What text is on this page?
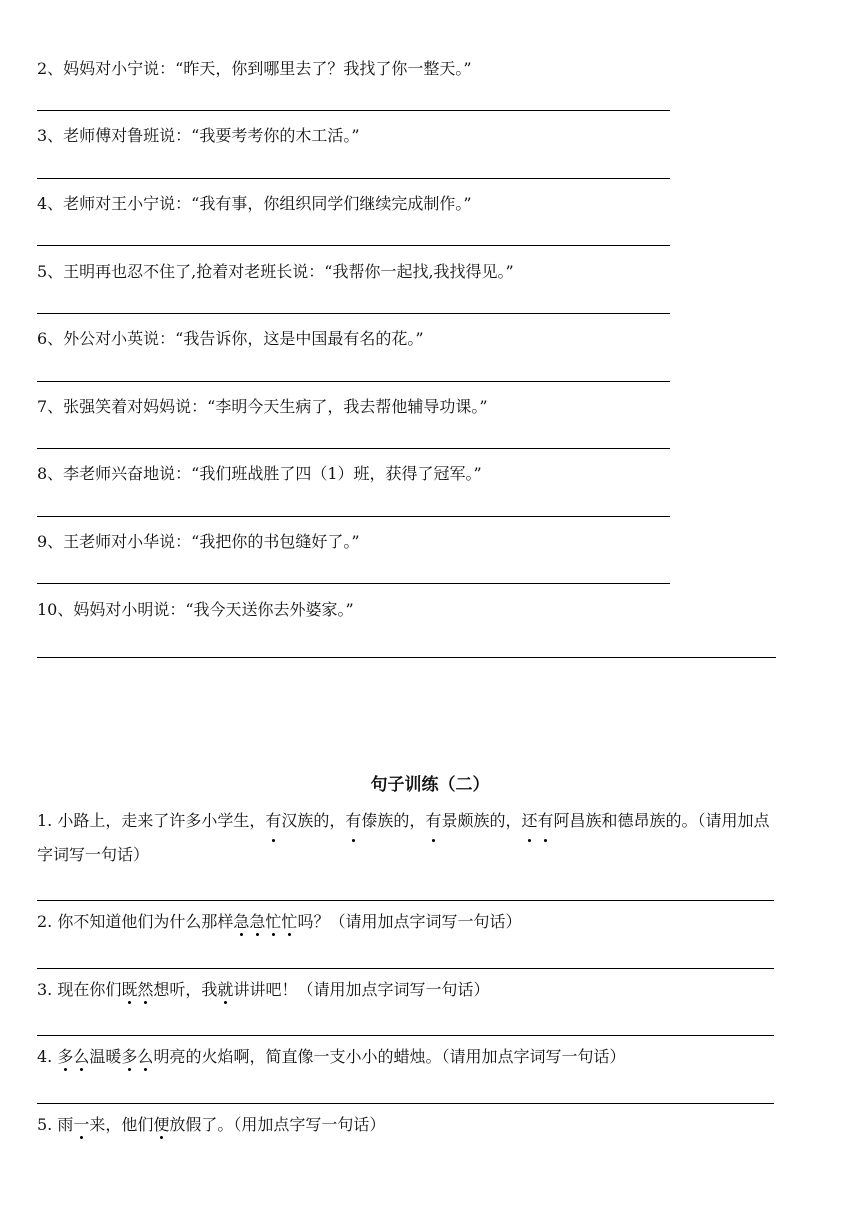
2、妈妈对小宁说：“昨天，你到哪里去了？我找了你一整天。”
3、老师傅对鲁班说：“我要考考你的木工活。”
4、老师对王小宁说：“我有事，你组织同学们继续完成制作。”
5、王明再也忍不住了,抢着对老班长说：“我帮你一起找,我找得见。”
6、外公对小英说：“我告诉你，这是中国最有名的花。”
7、张强笑着对妈妈说：“李明今天生病了，我去帮他辅导功课。”
8、李老师兴奋地说：“我们班战胜了四（1）班，获得了冠军。”
9、王老师对小华说：“我把你的书包缝好了。”
10、妈妈对小明说：“我今天送你去外婆家。”
句子训练（二）
1. 小路上，走来了许多小学生，有汉族的，有傣族的，有景颇族的，还有阿昌族和德昂族的。（请用加点
字词写一句话）
2. 你不知道他们为什么那样急急忙忙吗？（请用加点字词写一句话）
3. 现在你们既然想听，我就讲讲吧！（请用加点字词写一句话）
4. 多么温暖多么明亮的火焰啊，简直像一支小小的蜡烛。（请用加点字词写一句话）
5. 雨一来，他们便放假了。（用加点字写一句话）
